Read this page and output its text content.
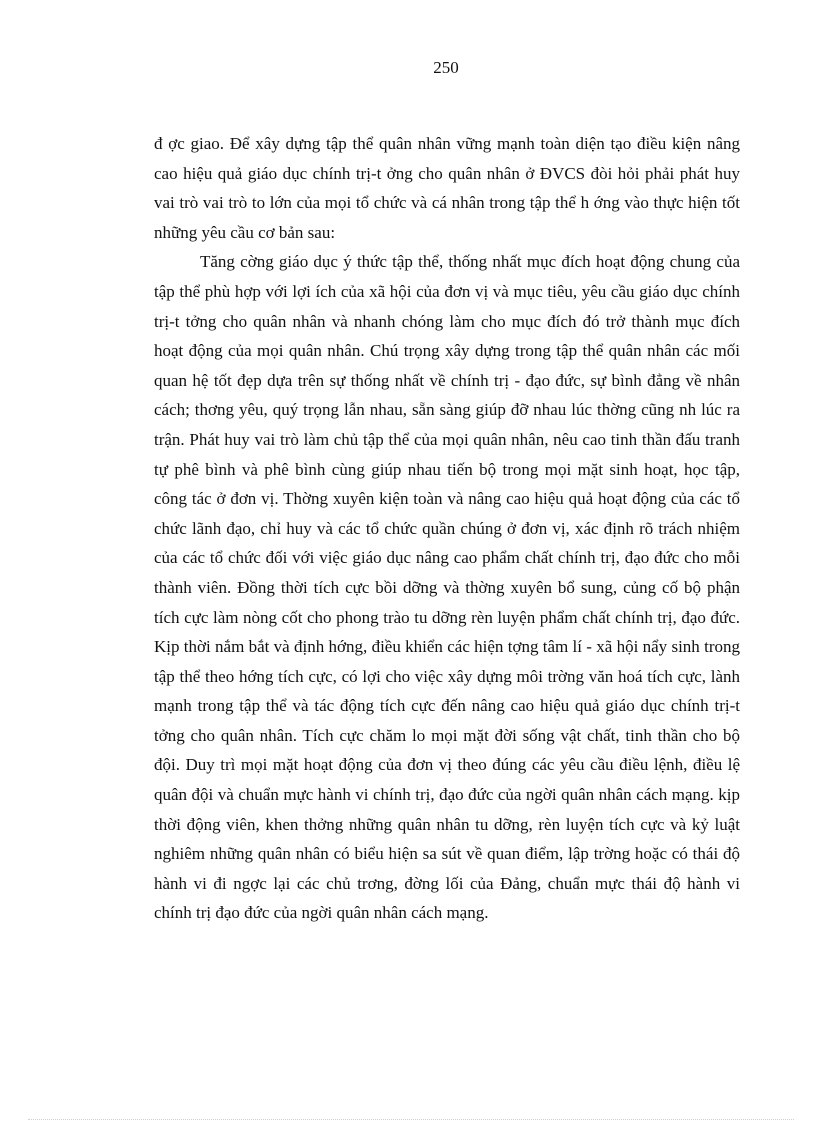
250

đ ợc giao. Để xây dựng tập thể quân nhân vững mạnh toàn diện tạo điều kiện nâng cao hiệu quả giáo dục chính trị-t ởng cho quân nhân ở ĐVCS đòi hỏi phải phát huy vai trò vai trò to lớn của mọi tổ chức và cá nhân trong tập thể h ớng vào thực hiện tốt những yêu cầu cơ bản sau:

Tăng cờng giáo dục ý thức tập thể, thống nhất mục đích hoạt động chung của tập thể phù hợp với lợi ích của xã hội của đơn vị và mục tiêu, yêu cầu giáo dục chính trị-t tởng cho quân nhân và nhanh chóng làm cho mục đích đó trở thành mục đích hoạt động của mọi quân nhân. Chú trọng xây dựng trong tập thể quân nhân các mối quan hệ tốt đẹp dựa trên sự thống nhất về chính trị - đạo đức, sự bình đẳng về nhân cách; thơng yêu, quý trọng lẫn nhau, sẵn sàng giúp đỡ nhau lúc thờng cũng nh lúc ra trận. Phát huy vai trò làm chủ tập thể của mọi quân nhân, nêu cao tinh thần đấu tranh tự phê bình và phê bình cùng giúp nhau tiến bộ trong mọi mặt sinh hoạt, học tập, công tác ở đơn vị. Thờng xuyên kiện toàn và nâng cao hiệu quả hoạt động của các tổ chức lãnh đạo, chỉ huy và các tổ chức quần chúng ở đơn vị, xác định rõ trách nhiệm của các tổ chức đối với việc giáo dục nâng cao phẩm chất chính trị, đạo đức cho mỗi thành viên. Đồng thời tích cực bồi dỡng và thờng xuyên bổ sung, củng cố bộ phận tích cực làm nòng cốt cho phong trào tu dỡng rèn luyện phẩm chất chính trị, đạo đức. Kịp thời nắm bắt và định hớng, điều khiển các hiện tợng tâm lí - xã hội nẩy sinh trong tập thể theo hớng tích cực, có lợi cho việc xây dựng môi trờng văn hoá tích cực, lành mạnh trong tập thể và tác động tích cực đến nâng cao hiệu quả giáo dục chính trị-t tởng cho quân nhân. Tích cực chăm lo mọi mặt đời sống vật chất, tinh thần cho bộ đội. Duy trì mọi mặt hoạt động của đơn vị theo đúng các yêu cầu điều lệnh, điều lệ quân đội và chuẩn mực hành vi chính trị, đạo đức của ngời quân nhân cách mạng. kịp thời động viên, khen thởng những quân nhân tu dỡng, rèn luyện tích cực và kỷ luật nghiêm những quân nhân có biểu hiện sa sút về quan điểm, lập trờng hoặc có thái độ hành vi đi ngợc lại các chủ trơng, đờng lối của Đảng, chuẩn mực thái độ hành vi chính trị đạo đức của ngời quân nhân cách mạng.
